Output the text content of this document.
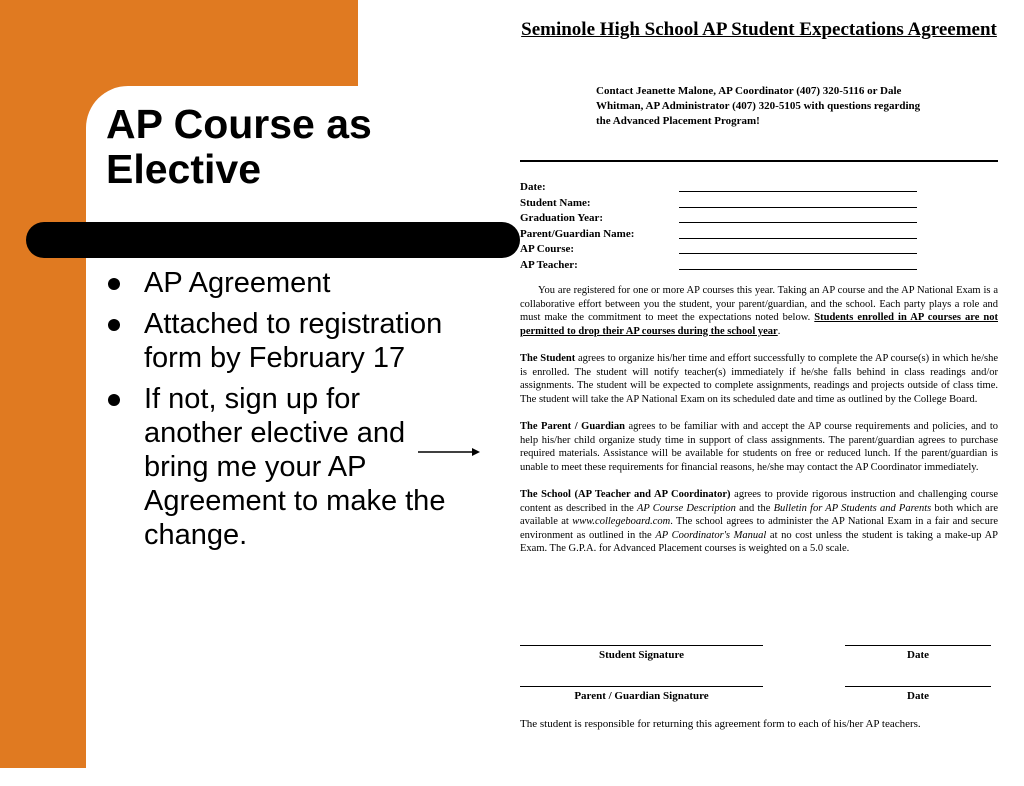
AP Course as Elective
AP Agreement
Attached to registration form by February 17
If not, sign up for another elective and bring me your AP Agreement to make the change.
Seminole High School AP Student Expectations Agreement
Contact Jeanette Malone, AP Coordinator (407) 320-5116 or Dale Whitman, AP Administrator (407) 320-5105 with questions regarding the Advanced Placement Program!
Date:
Student Name:
Graduation Year:
Parent/Guardian Name:
AP Course:
AP Teacher:

You are registered for one or more AP courses this year. Taking an AP course and the AP National Exam is a collaborative effort between you the student, your parent/guardian, and the school. Each party plays a role and must make the commitment to meet the expectations noted below. Students enrolled in AP courses are not permitted to drop their AP courses during the school year.

The Student agrees to organize his/her time and effort successfully to complete the AP course(s) in which he/she is enrolled. The student will notify teacher(s) immediately if he/she falls behind in class readings and/or assignments. The student will be expected to complete assignments, readings and projects outside of class time. The student will take the AP National Exam on its scheduled date and time as outlined by the College Board.

The Parent / Guardian agrees to be familiar with and accept the AP course requirements and policies, and to help his/her child organize study time in support of class assignments. The parent/guardian agrees to purchase required materials. Assistance will be available for students on free or reduced lunch. If the parent/guardian is unable to meet these requirements for financial reasons, he/she may contact the AP Coordinator immediately.

The School (AP Teacher and AP Coordinator) agrees to provide rigorous instruction and challenging course content as described in the AP Course Description and the Bulletin for AP Students and Parents both which are available at www.collegeboard.com. The school agrees to administer the AP National Exam in a fair and secure environment as outlined in the AP Coordinator's Manual at no cost unless the student is taking a make-up AP Exam. The G.P.A. for Advanced Placement courses is weighted on a 5.0 scale.

Student Signature	Date
Parent / Guardian Signature	Date
The student is responsible for returning this agreement form to each of his/her AP teachers.
